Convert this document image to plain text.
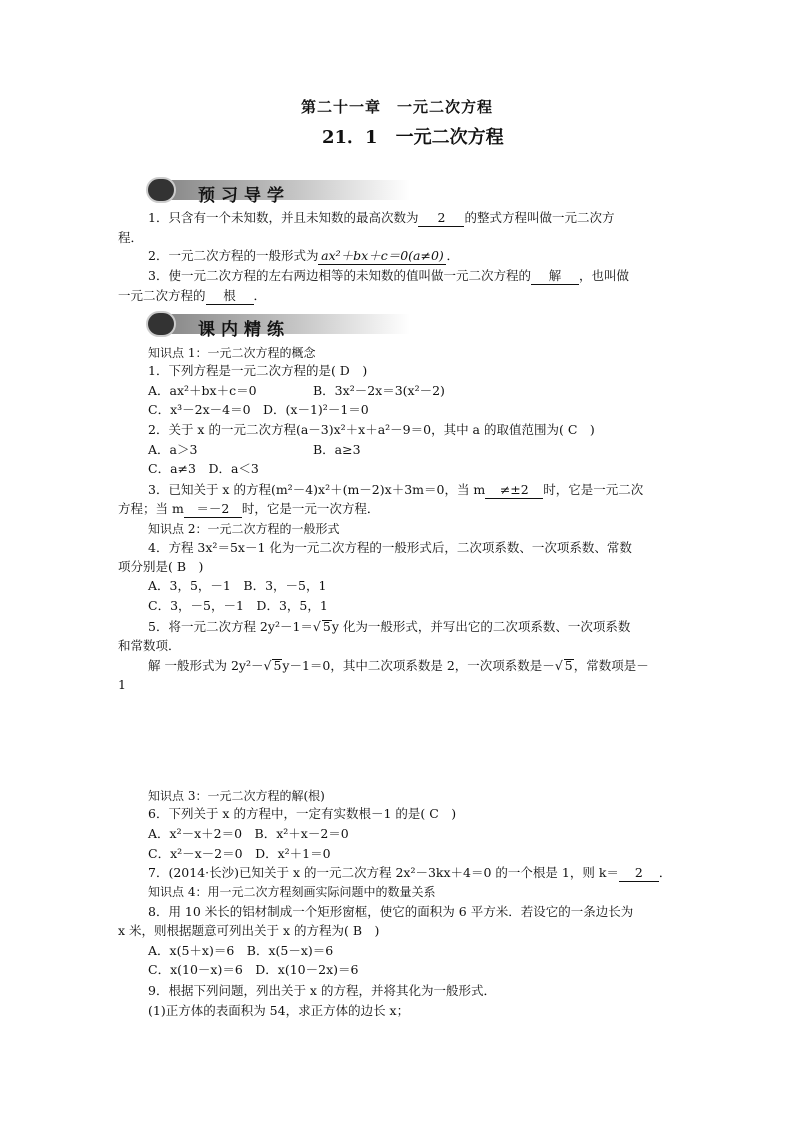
第二十一章　一元二次方程
21．1　一元二次方程
预习导学
1．只含有一个未知数，并且未知数的最高次数为 2 的整式方程叫做一元二次方
程．
2．一元二次方程的一般形式为 ax²＋bx＋c＝0(a≠0) ．
3．使一元二次方程的左右两边相等的未知数的值叫做一元二次方程的 解 ，也叫做
一元二次方程的 根 ．
课内精练
知识点 1：一元二次方程的概念
1．下列方程是一元二次方程的是( D　)
A．ax²＋bx＋c＝0	B．3x²－2x＝3(x²－2)
C．x³－2x－4＝0　D．(x－1)²－1＝0
2．关于 x 的一元二次方程(a－3)x²＋x＋a²－9＝0，其中 a 的取值范围为( C　)
A．a＞3	B．a≥3
C．a≠3　D．a＜3
3．已知关于 x 的方程(m²－4)x²＋(m－2)x＋3m＝0，当 m ≠±2 时，它是一元二次
方程；当 m ＝－2 时，它是一元一次方程．
知识点 2：一元二次方程的一般形式
4．方程 3x²＝5x－1 化为一元二次方程的一般形式后，二次项系数、一次项系数、常数
项分别是( B　)
A．3，5，－1　B．3，－5，1
C．3，－5，－1　D．3，5，1
5．将一元二次方程 2y²－1＝√ 5y 化为一般形式，并写出它的二次项系数、一次项系数
和常数项．
解 一般形式为 2y²－√ 5y－1＝0，其中二次项系数是 2，一次项系数是－√ 5，常数项是－
1
知识点 3：一元二次方程的解(根)
6．下列关于 x 的方程中，一定有实数根－1 的是( C　)
A．x²－x＋2＝0　B．x²＋x－2＝0
C．x²－x－2＝0　D．x²＋1＝0
7．(2014·长沙)已知关于 x 的一元二次方程 2x²－3kx＋4＝0 的一个根是 1，则 k＝ 2 ．
知识点 4：用一元二次方程刻画实际问题中的数量关系
8．用 10 米长的铝材制成一个矩形窗框，使它的面积为 6 平方米．若设它的一条边长为
x 米，则根据题意可列出关于 x 的方程为( B　)
A．x(5＋x)＝6　B．x(5－x)＝6
C．x(10－x)＝6　D．x(10－2x)＝6
9．根据下列问题，列出关于 x 的方程，并将其化为一般形式．
(1)正方体的表面积为 54，求正方体的边长 x；
